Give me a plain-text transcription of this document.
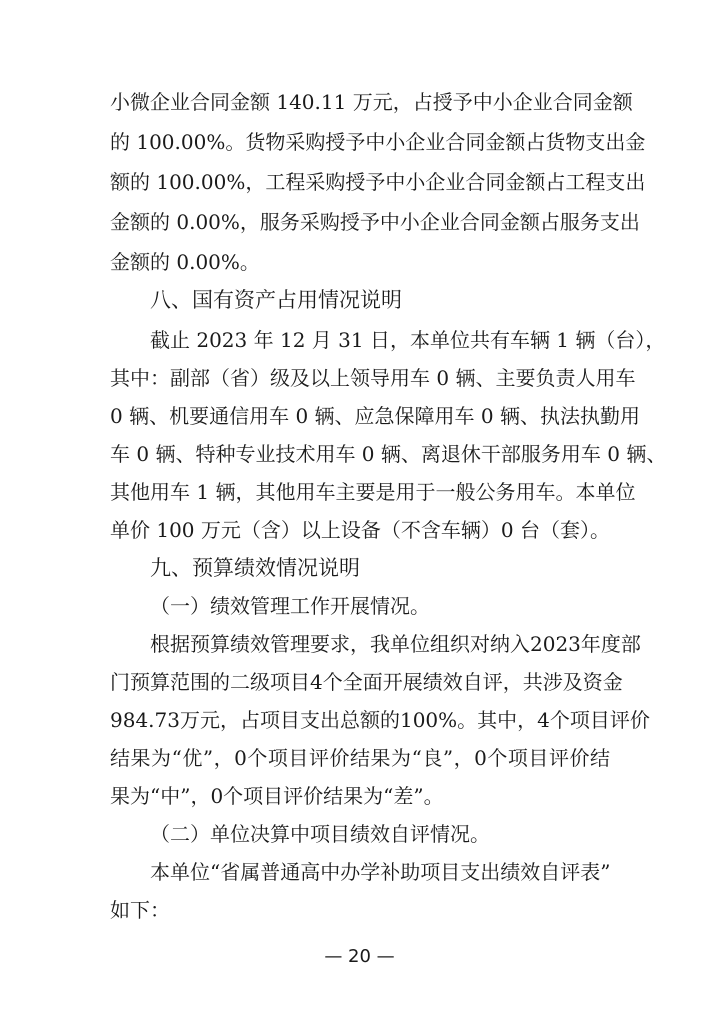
小微企业合同金额 140.11 万元，占授予中小企业合同金额
的 100.00%。货物采购授予中小企业合同金额占货物支出金
额的 100.00%，工程采购授予中小企业合同金额占工程支出
金额的 0.00%，服务采购授予中小企业合同金额占服务支出
金额的 0.00%。
八、国有资产占用情况说明
截止 2023 年 12 月 31 日，本单位共有车辆 1 辆（台），
其中：副部（省）级及以上领导用车 0 辆、主要负责人用车
0 辆、机要通信用车 0 辆、应急保障用车 0 辆、执法执勤用
车 0 辆、特种专业技术用车 0 辆、离退休干部服务用车 0 辆、
其他用车 1 辆，其他用车主要是用于一般公务用车。本单位
单价 100 万元（含）以上设备（不含车辆）0 台（套）。
九、预算绩效情况说明
（一）绩效管理工作开展情况。
根据预算绩效管理要求，我单位组织对纳入2023年度部
门预算范围的二级项目4个全面开展绩效自评，共涉及资金
984.73万元，占项目支出总额的100%。其中，4个项目评价
结果为“优”，0个项目评价结果为“良”，0个项目评价结
果为“中”，0个项目评价结果为“差”。
（二）单位决算中项目绩效自评情况。
本单位“省属普通高中办学补助项目支出绩效自评表”
如下：
— 20 —
